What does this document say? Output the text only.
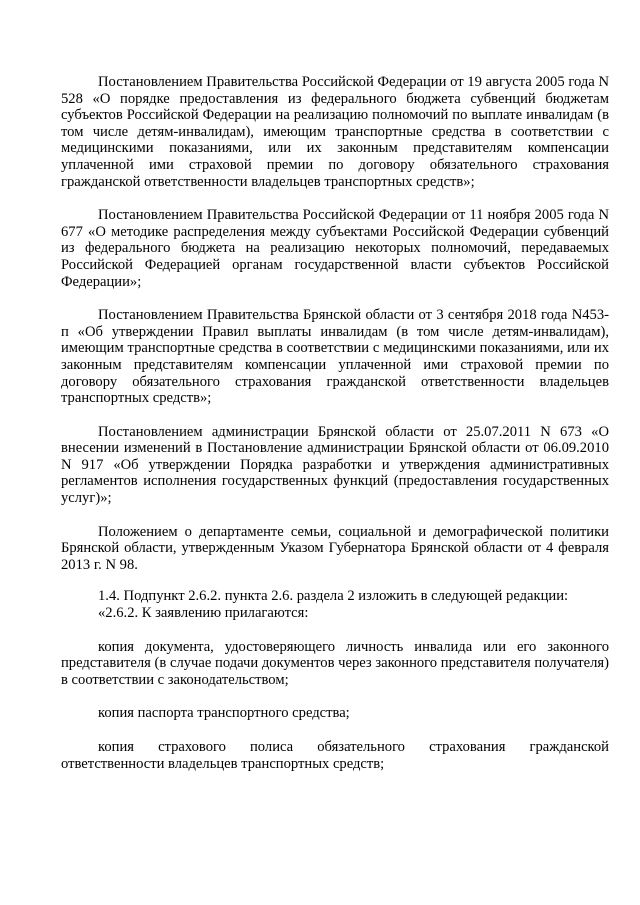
Постановлением Правительства Российской Федерации от 19 августа 2005 года N 528 «О порядке предоставления из федерального бюджета субвенций бюджетам субъектов Российской Федерации на реализацию полномочий по выплате инвалидам (в том числе детям-инвалидам), имеющим транспортные средства в соответствии с медицинскими показаниями, или их законным представителям компенсации уплаченной ими страховой премии по договору обязательного страхования гражданской ответственности владельцев транспортных средств»;

Постановлением Правительства Российской Федерации от 11 ноября 2005 года N 677 «О методике распределения между субъектами Российской Федерации субвенций из федерального бюджета на реализацию некоторых полномочий, передаваемых Российской Федерацией органам государственной власти субъектов Российской Федерации»;

Постановлением Правительства Брянской области от 3 сентября 2018 года N453-п «Об утверждении Правил выплаты инвалидам (в том числе детям-инвалидам), имеющим транспортные средства в соответствии с медицинскими показаниями, или их законным представителям компенсации уплаченной ими страховой премии по договору обязательного страхования гражданской ответственности владельцев транспортных средств»;

Постановлением администрации Брянской области от 25.07.2011 N 673 «О внесении изменений в Постановление администрации Брянской области от 06.09.2010 N 917 «Об утверждении Порядка разработки и утверждения административных регламентов исполнения государственных функций (предоставления государственных услуг)»;

Положением о департаменте семьи, социальной и демографической политики Брянской области, утвержденным Указом Губернатора Брянской области от 4 февраля 2013 г. N 98.

1.4. Подпункт 2.6.2. пункта 2.6. раздела 2 изложить в следующей редакции:

«2.6.2. К заявлению прилагаются:

копия документа, удостоверяющего личность инвалида или его законного представителя (в случае подачи документов через законного представителя получателя) в соответствии с законодательством;

копия паспорта транспортного средства;

копия страхового полиса обязательного страхования гражданской ответственности владельцев транспортных средств;
